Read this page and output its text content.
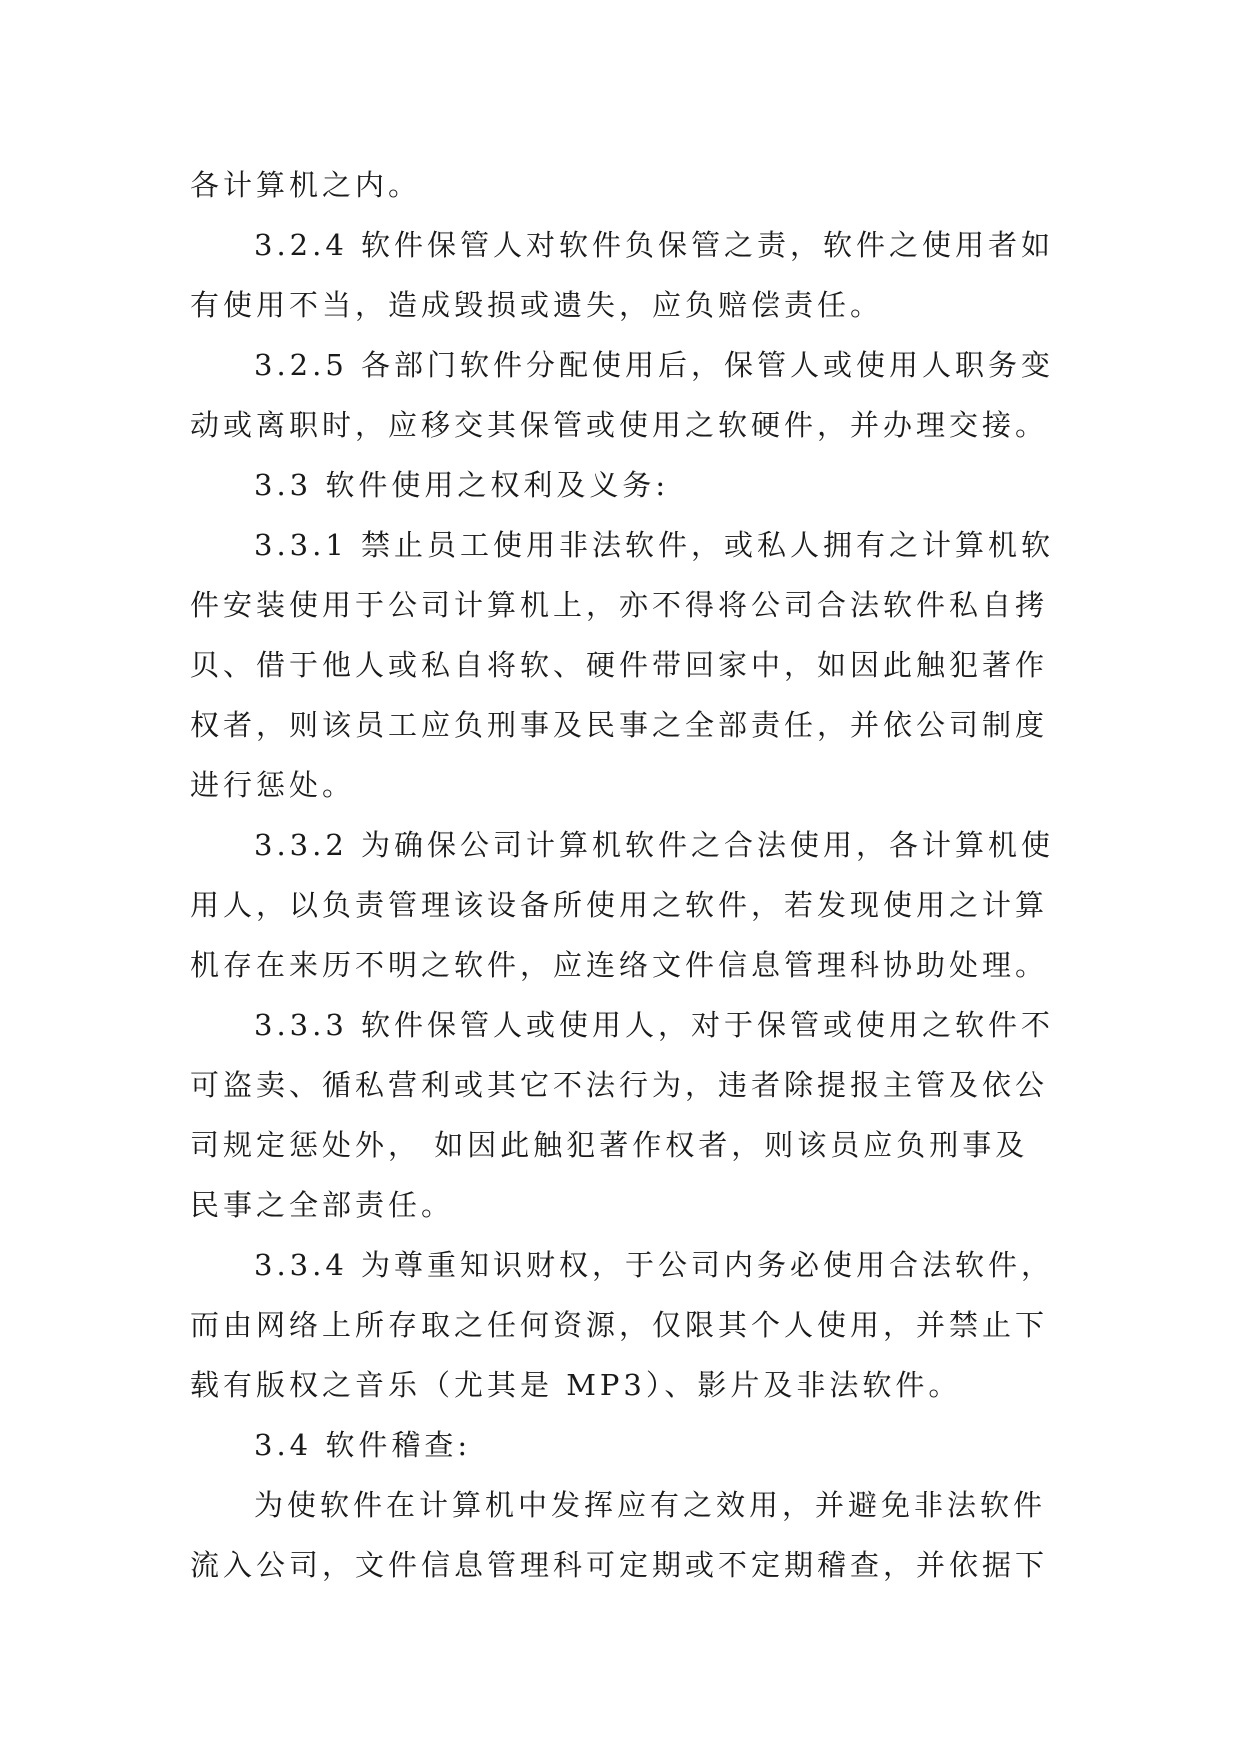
各计算机之内。
3.2.4 软件保管人对软件负保管之责，软件之使用者如
有使用不当，造成毁损或遗失，应负赔偿责任。
3.2.5 各部门软件分配使用后，保管人或使用人职务变
动或离职时，应移交其保管或使用之软硬件，并办理交接。
3.3 软件使用之权利及义务:
3.3.1 禁止员工使用非法软件，或私人拥有之计算机软
件安装使用于公司计算机上，亦不得将公司合法软件私自拷
贝、借于他人或私自将软、硬件带回家中，如因此触犯著作
权者，则该员工应负刑事及民事之全部责任，并依公司制度
进行惩处。
3.3.2 为确保公司计算机软件之合法使用，各计算机使
用人，以负责管理该设备所使用之软件，若发现使用之计算
机存在来历不明之软件，应连络文件信息管理科协助处理。
3.3.3 软件保管人或使用人，对于保管或使用之软件不
可盗卖、循私营利或其它不法行为，违者除提报主管及依公
司规定惩处外， 如因此触犯著作权者，则该员应负刑事及
民事之全部责任。
3.3.4 为尊重知识财权，于公司内务必使用合法软件，
而由网络上所存取之任何资源，仅限其个人使用，并禁止下
载有版权之音乐（尤其是 MP3）、影片及非法软件。
3.4 软件稽查:
为使软件在计算机中发挥应有之效用，并避免非法软件
流入公司，文件信息管理科可定期或不定期稽查，并依据下
